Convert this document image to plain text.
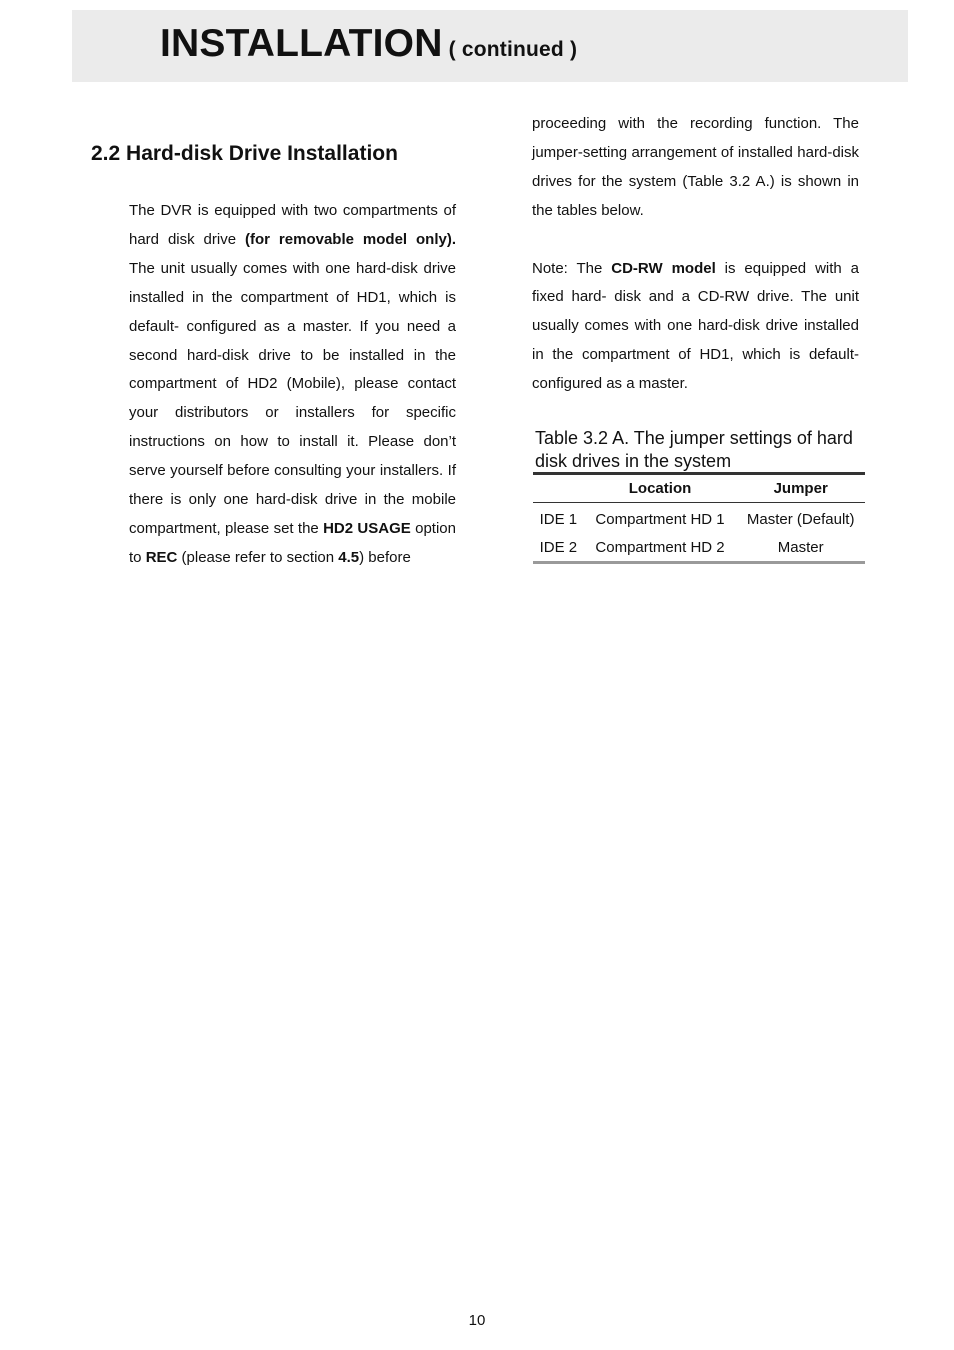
INSTALLATION ( continued )
2.2 Hard-disk Drive Installation

The DVR is equipped with two compartments of hard disk drive (for removable model only). The unit usually comes with one hard-disk drive installed in the compartment of HD1, which is default- configured as a master. If you need a second hard-disk drive to be installed in the compartment of HD2 (Mobile), please contact your distributors or installers for specific instructions on how to install it. Please don’t serve yourself before consulting your installers. If there is only one hard-disk drive in the mobile compartment, please set the HD2 USAGE option to REC (please refer to section 4.5) before

proceeding with the recording function. The jumper-setting arrangement of installed hard-disk drives for the system (Table 3.2 A.) is shown in the tables below.

Note: The CD-RW model is equipped with a fixed hard- disk and a CD-RW drive. The unit usually comes with one hard-disk drive installed in the compartment of HD1, which is default-configured as a master.

Table 3.2 A. The jumper settings of hard disk drives in the system

	Location	Jumper
IDE 1	Compartment HD 1	Master (Default)
IDE 2	Compartment HD 2	Master
10
